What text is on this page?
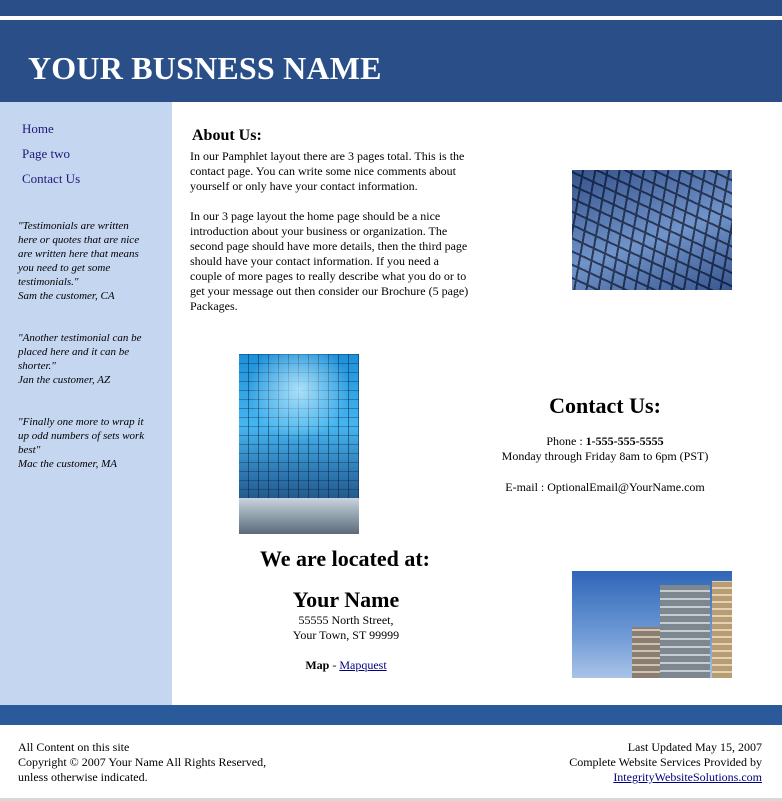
YOUR BUSNESS NAME
Home
Page two
Contact Us
"Testimonials are written
here or quotes that are nice
are written here that means
you need to get some
testimonials."
Sam the customer, CA
"Another testimonial can be
placed here and it can be
shorter."
Jan the customer, AZ
"Finally one more to wrap it
up odd numbers of sets work
best"
Mac the customer, MA
About Us:

In our Pamphlet layout there are 3 pages total. This is the
contact page. You can write some nice comments about
yourself or only have your contact information.

In our 3 page layout the home page should be a nice
introduction about your business or organization. The
second page should have more details, then the third page
should have your contact information. If you need a
couple of more pages to really describe what you do or to
get your message out then consider our Brochure (5 page)
Packages.

Contact Us:
Phone : 1-555-555-5555
Monday through Friday 8am to 6pm (PST)
E-mail : OptionalEmail@YourName.com
We are located at:
Your Name
55555 North Street,
Your Town, ST 99999
Map - Mapquest
All Content on this site
Copyright © 2007 Your Name All Rights Reserved,
unless otherwise indicated.
Last Updated May 15, 2007
Complete Website Services Provided by
IntegrityWebsiteSolutions.com
